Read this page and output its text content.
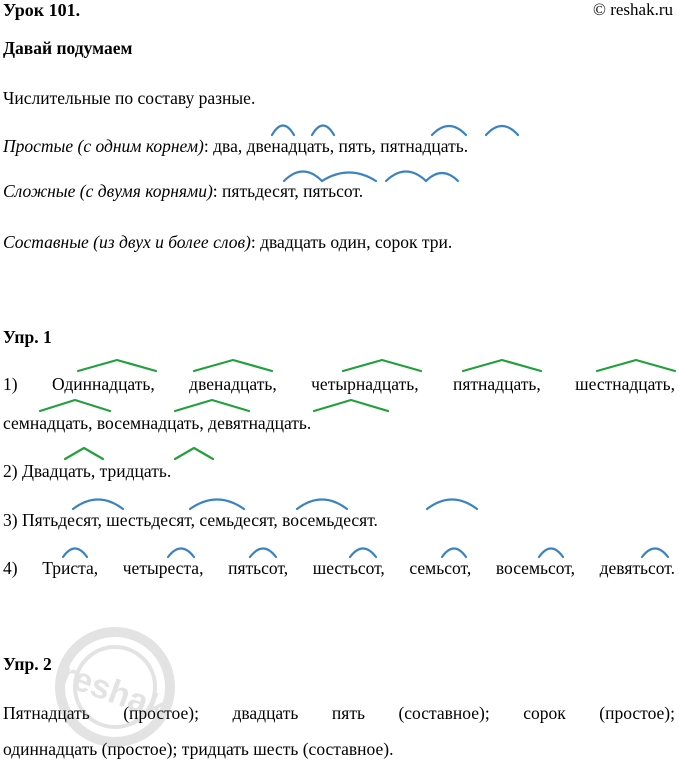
Урок 101.	© reshak.ru
Давай подумаем
Числительные по составу разные.
Простые (с одним корнем): два, двенадцать, пять, пятнадцать.
Сложные (с двумя корнями): пятьдесят, пятьсот.
Составные (из двух и более слов): двадцать один, сорок три.
Упр. 1
1) Одиннадцать, двенадцать, четырнадцать, пятнадцать, шестнадцать,
семнадцать, восемнадцать, девятнадцать.
2) Двадцать, тридцать.
3) Пятьдесят, шестьдесят, семьдесят, восемьдесят.
4) Триста, четыреста, пятьсот, шестьсот, семьсот, восемьсот, девятьсот.
Упр. 2
Пятнадцать (простое); двадцать пять (составное); сорок (простое);
одиннадцать (простое); тридцать шесть (составное).
reshak
